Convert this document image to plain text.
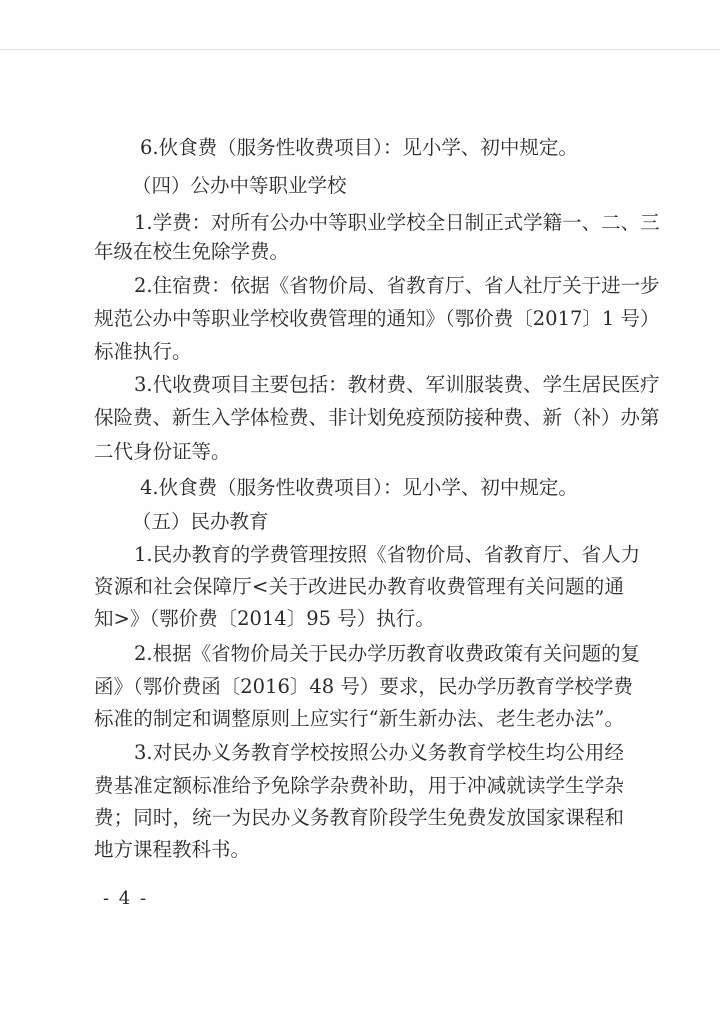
6.伙食费（服务性收费项目）：见小学、初中规定。
（四）公办中等职业学校
1.学费：对所有公办中等职业学校全日制正式学籍一、二、三
年级在校生免除学费。
2.住宿费：依据《省物价局、省教育厅、省人社厅关于进一步
规范公办中等职业学校收费管理的通知》（鄂价费〔2017〕1 号）
标准执行。
3.代收费项目主要包括：教材费、军训服装费、学生居民医疗
保险费、新生入学体检费、非计划免疫预防接种费、新（补）办第
二代身份证等。
4.伙食费（服务性收费项目）：见小学、初中规定。
（五）民办教育
1.民办教育的学费管理按照《省物价局、省教育厅、省人力
资源和社会保障厅<关于改进民办教育收费管理有关问题的通
知>》（鄂价费〔2014〕95 号）执行。
2.根据《省物价局关于民办学历教育收费政策有关问题的复
函》（鄂价费函〔2016〕48 号）要求，民办学历教育学校学费
标准的制定和调整原则上应实行“新生新办法、老生老办法”。
3.对民办义务教育学校按照公办义务教育学校生均公用经
费基准定额标准给予免除学杂费补助，用于冲减就读学生学杂
费；同时，统一为民办义务教育阶段学生免费发放国家课程和
地方课程教科书。
- 4 -
